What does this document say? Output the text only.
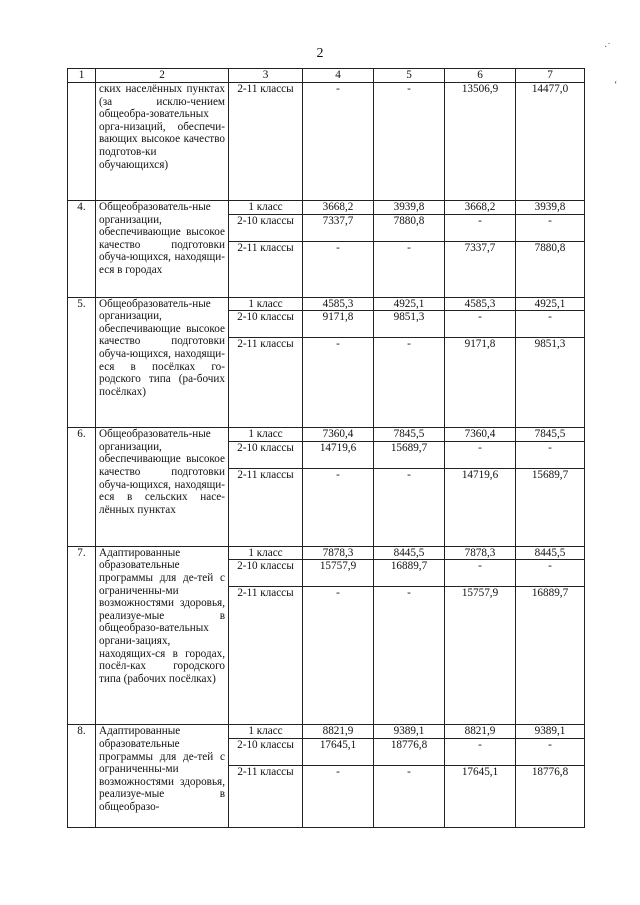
2	·˙
‘
1	2	3	4	5	6	7
	ских населённых пунктах (за исклю-чением общеобра-зовательных орга-низаций, обеспечи-вающих высокое качество подготов-ки обучающихся)	2-11 классы	-	-	13506,9	14477,0
4.	Общеобразователь-ные организации, обеспечивающие высокое качество подготовки обуча-ющихся, находящи-еся в городах	1 класс	3668,2	3939,8	3668,2	3939,8
		2-10 классы	7337,7	7880,8	-	-
		2-11 классы	-	-	7337,7	7880,8
5.	Общеобразователь-ные организации, обеспечивающие высокое качество подготовки обуча-ющихся, находящи-еся в посёлках го-родского типа (ра-бочих посёлках)	1 класс	4585,3	4925,1	4585,3	4925,1
		2-10 классы	9171,8	9851,3	-	-
		2-11 классы	-	-	9171,8	9851,3
6.	Общеобразователь-ные организации, обеспечивающие высокое качество подготовки обуча-ющихся, находящи-еся в сельских насе-лённых пунктах	1 класс	7360,4	7845,5	7360,4	7845,5
		2-10 классы	14719,6	15689,7	-	-
		2-11 классы	-	-	14719,6	15689,7
7.	Адаптированные образовательные программы для де-тей с ограниченны-ми возможностями здоровья, реализуе-мые в общеобразо-вательных органи-зациях, находящих-ся в городах, посёл-ках городского типа (рабочих посёлках)	1 класс	7878,3	8445,5	7878,3	8445,5
		2-10 классы	15757,9	16889,7	-	-
		2-11 классы	-	-	15757,9	16889,7
8.	Адаптированные образовательные программы для де-тей с ограниченны-ми возможностями здоровья, реализуе-мые в общеобразо-	1 класс	8821,9	9389,1	8821,9	9389,1
		2-10 классы	17645,1	18776,8	-	-
		2-11 классы	-	-	17645,1	18776,8
